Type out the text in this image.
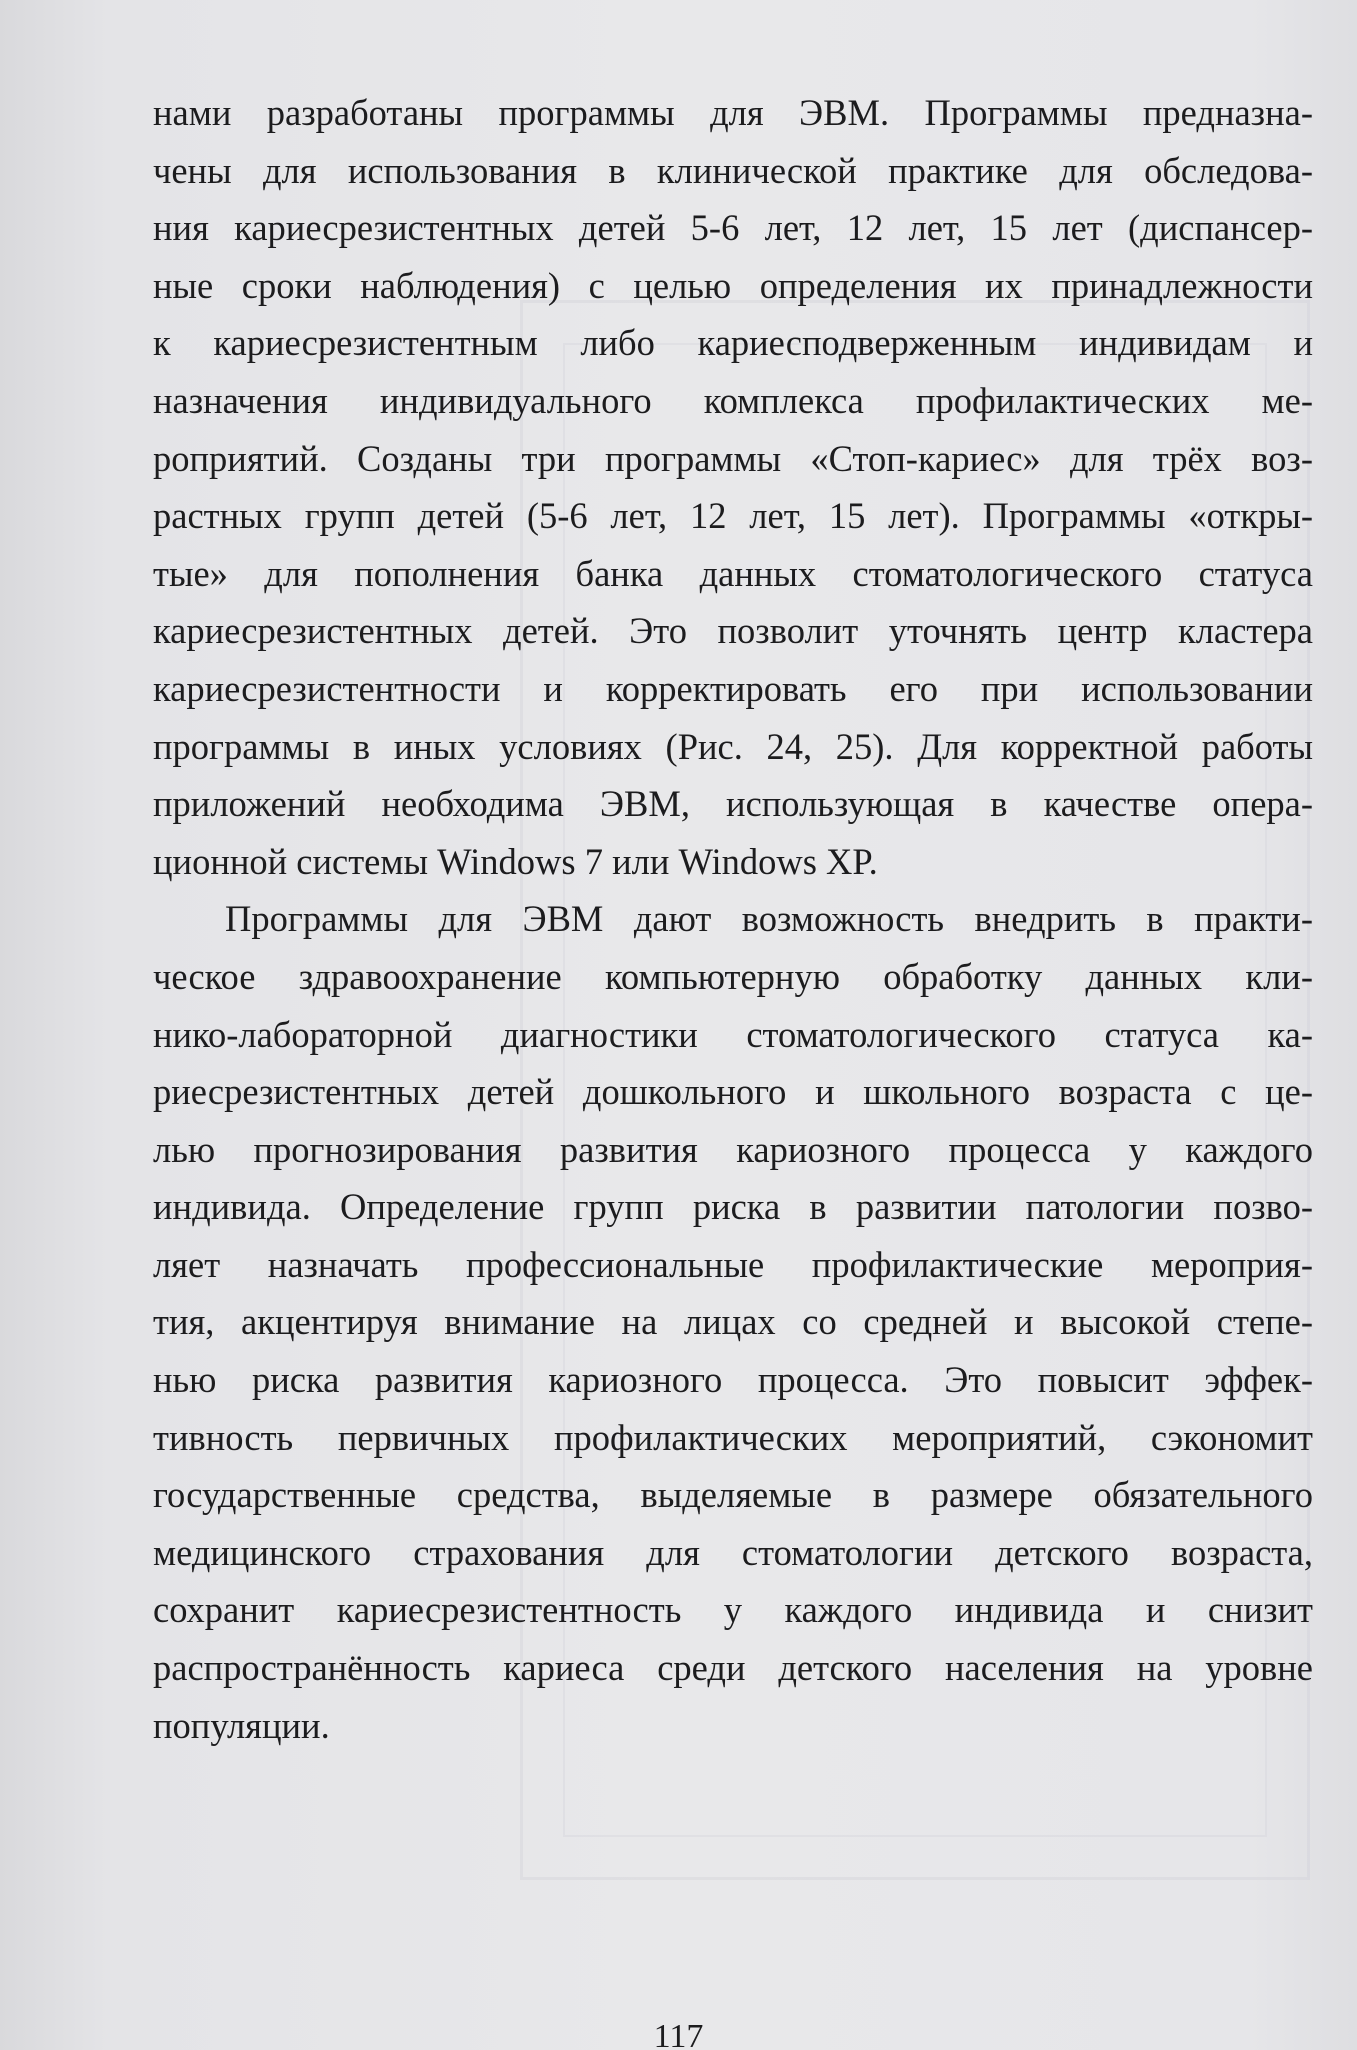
нами разработаны программы для ЭВМ. Программы предназна-
чены для использования в клинической практике для обследова-
ния кариесрезистентных детей 5-6 лет, 12 лет, 15 лет (диспансер-
ные сроки наблюдения) с целью определения их принадлежности
к кариесрезистентным либо кариесподверженным индивидам и
назначения индивидуального комплекса профилактических ме-
роприятий. Созданы три программы «Стоп-кариес» для трёх воз-
растных групп детей (5-6 лет, 12 лет, 15 лет). Программы «откры-
тые» для пополнения банка данных стоматологического статуса
кариесрезистентных детей. Это позволит уточнять центр кластера
кариесрезистентности и корректировать его при использовании
программы в иных условиях (Рис. 24, 25). Для корректной работы
приложений необходима ЭВМ, использующая в качестве опера-
ционной системы Windows 7 или Windows XP.

Программы для ЭВМ дают возможность внедрить в практи-
ческое здравоохранение компьютерную обработку данных кли-
нико-лабораторной диагностики стоматологического статуса ка-
риесрезистентных детей дошкольного и школьного возраста с це-
лью прогнозирования развития кариозного процесса у каждого
индивида. Определение групп риска в развитии патологии позво-
ляет назначать профессиональные профилактические мероприя-
тия, акцентируя внимание на лицах со средней и высокой степе-
нью риска развития кариозного процесса. Это повысит эффек-
тивность первичных профилактических мероприятий, сэкономит
государственные средства, выделяемые в размере обязательного
медицинского страхования для стоматологии детского возраста,
сохранит кариесрезистентность у каждого индивида и снизит
распространённость кариеса среди детского населения на уровне
популяции.

117
